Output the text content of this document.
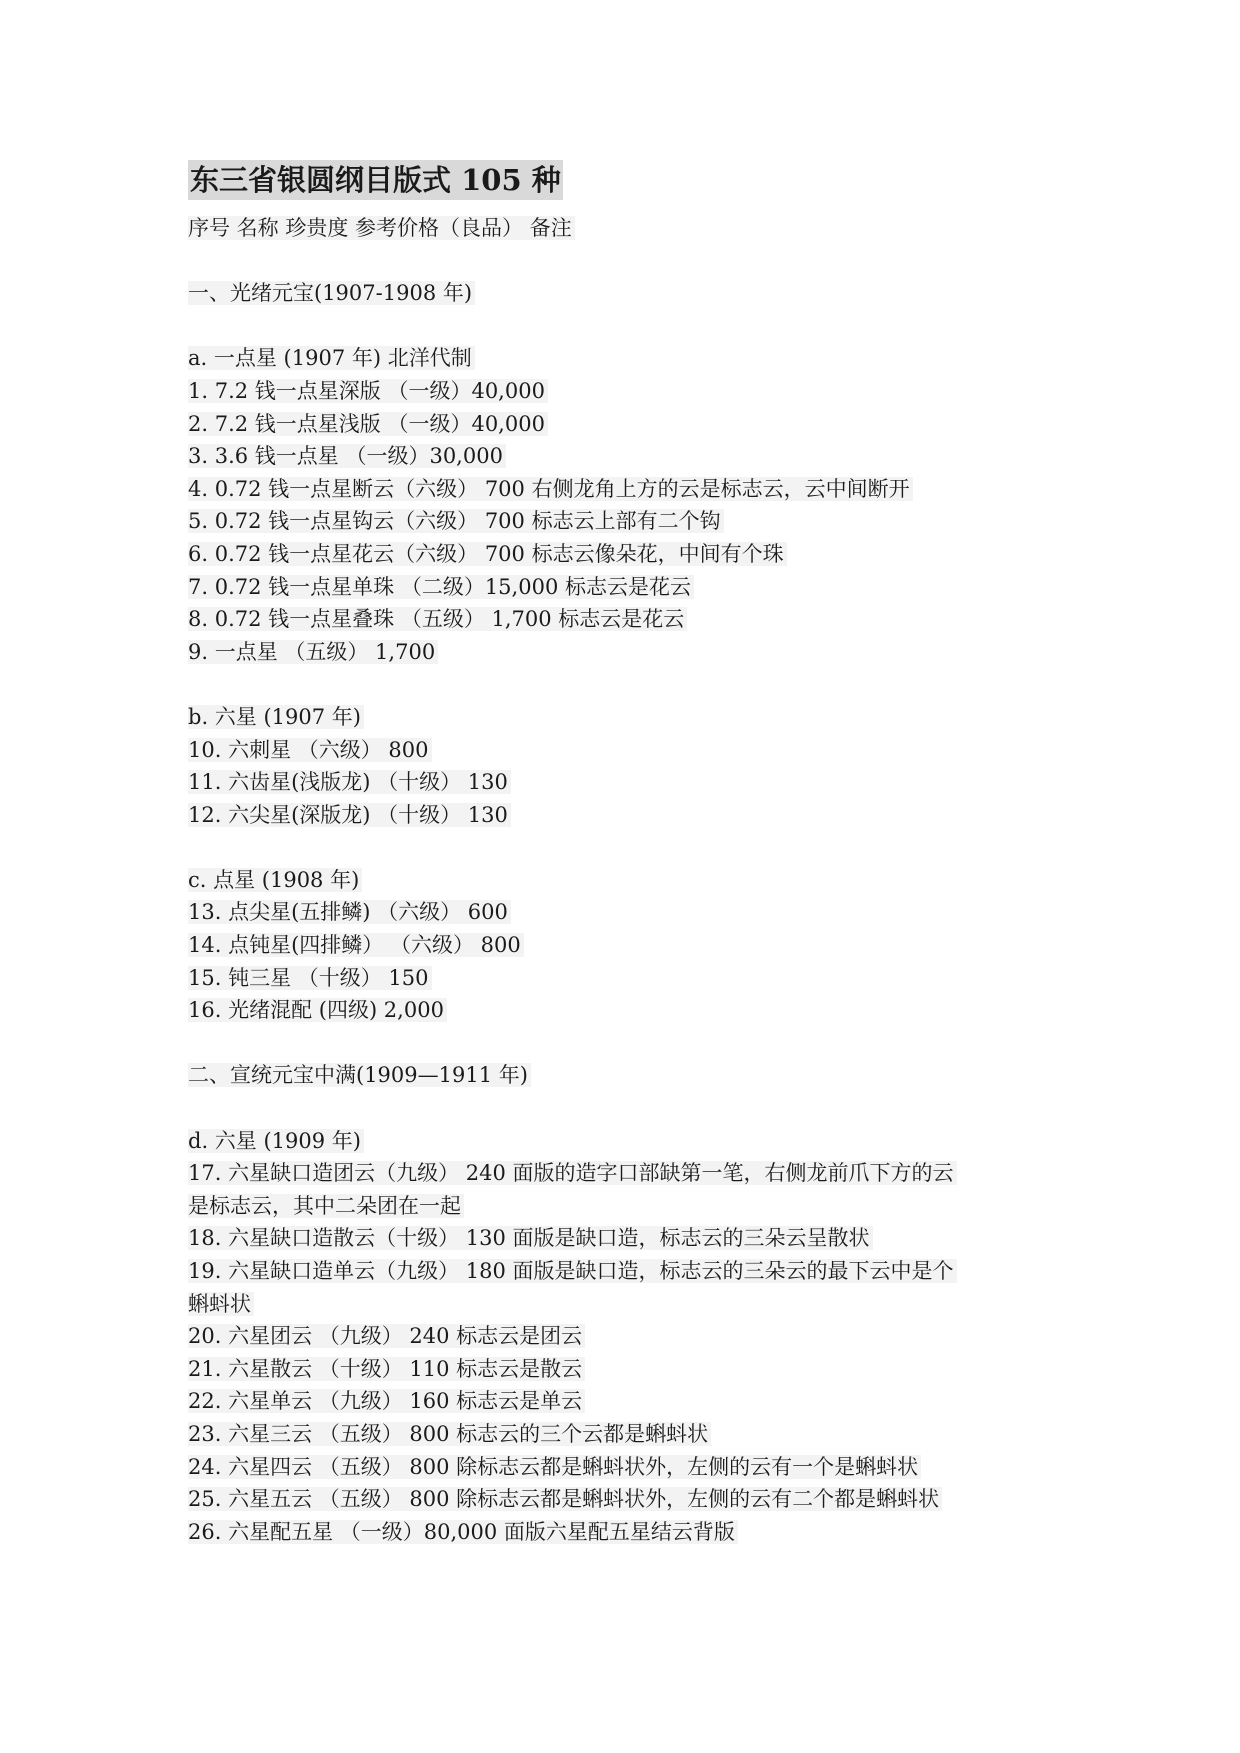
东三省银圆纲目版式 105 种
序号 名称 珍贵度 参考价格（良品） 备注
一、光绪元宝(1907-1908 年)
a. 一点星 (1907 年) 北洋代制
1. 7.2 钱一点星深版 （一级）40,000
2. 7.2 钱一点星浅版 （一级）40,000
3. 3.6 钱一点星 （一级）30,000
4. 0.72 钱一点星断云（六级） 700 右侧龙角上方的云是标志云，云中间断开
5. 0.72 钱一点星钩云（六级） 700 标志云上部有二个钩
6. 0.72 钱一点星花云（六级） 700 标志云像朵花，中间有个珠
7. 0.72 钱一点星单珠 （二级）15,000 标志云是花云
8. 0.72 钱一点星叠珠 （五级） 1,700 标志云是花云
9. 一点星 （五级） 1,700
b. 六星 (1907 年)
10. 六刺星 （六级） 800
11. 六齿星(浅版龙) （十级） 130
12. 六尖星(深版龙) （十级） 130
c. 点星 (1908 年)
13. 点尖星(五排鳞) （六级） 600
14. 点钝星(四排鳞） （六级） 800
15. 钝三星 （十级） 150
16. 光绪混配 (四级) 2,000
二、宣统元宝中满(1909—1911 年)
d. 六星 (1909 年)
17. 六星缺口造团云（九级） 240 面版的造字口部缺第一笔，右侧龙前爪下方的云
是标志云，其中二朵团在一起
18. 六星缺口造散云（十级） 130 面版是缺口造，标志云的三朵云呈散状
19. 六星缺口造单云（九级） 180 面版是缺口造，标志云的三朵云的最下云中是个
蝌蚪状
20. 六星团云 （九级） 240 标志云是团云
21. 六星散云 （十级） 110 标志云是散云
22. 六星单云 （九级） 160 标志云是单云
23. 六星三云 （五级） 800 标志云的三个云都是蝌蚪状
24. 六星四云 （五级） 800 除标志云都是蝌蚪状外，左侧的云有一个是蝌蚪状
25. 六星五云 （五级） 800 除标志云都是蝌蚪状外，左侧的云有二个都是蝌蚪状
26. 六星配五星 （一级）80,000 面版六星配五星结云背版
